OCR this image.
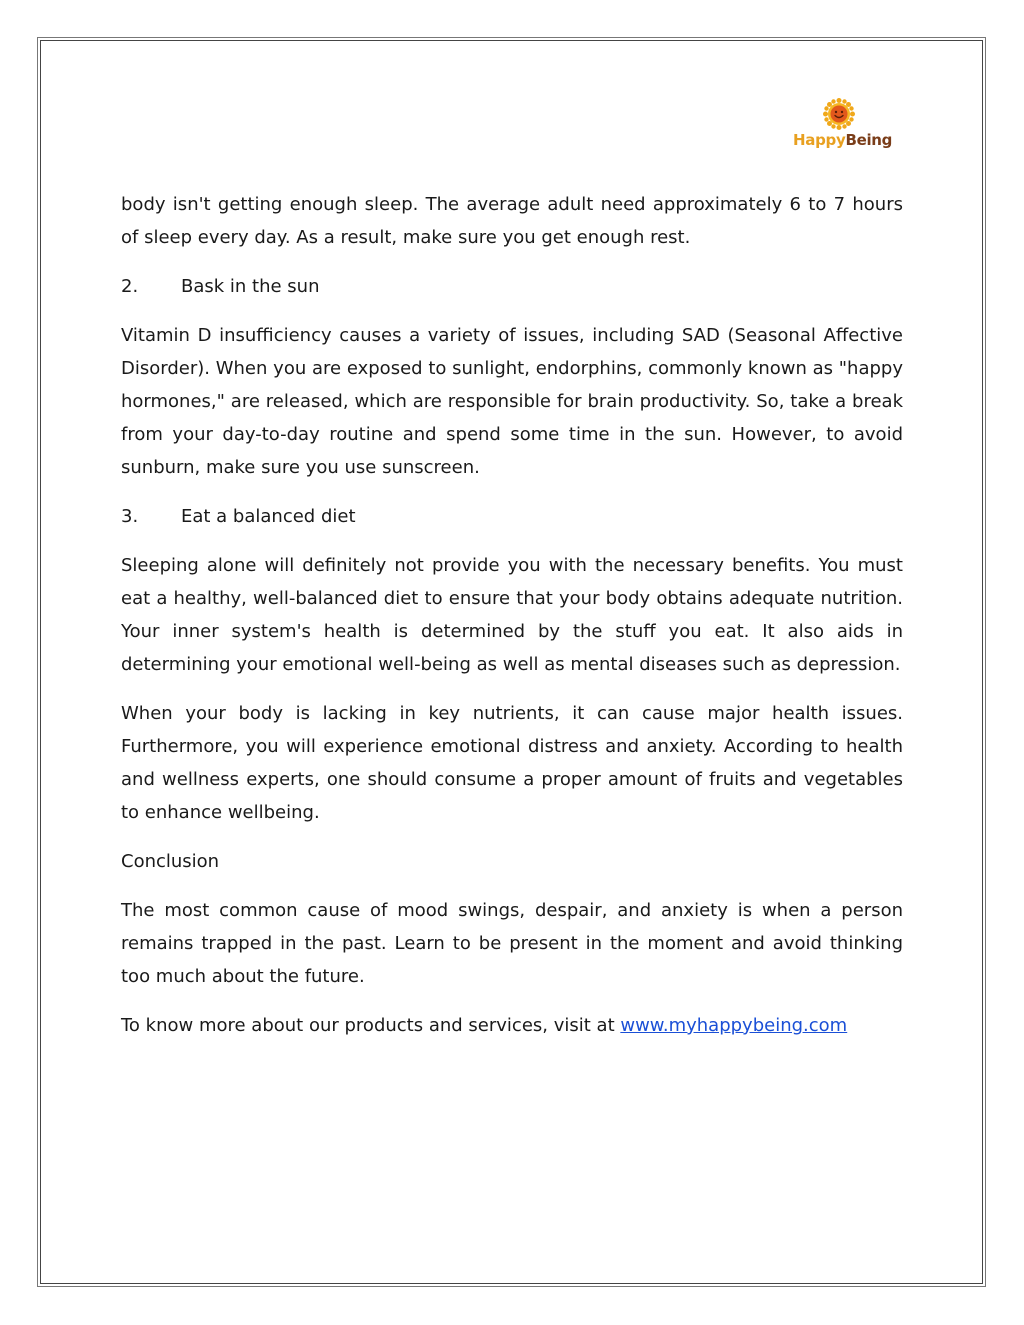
HappyBeing

body isn't getting enough sleep. The average adult need approximately 6 to 7 hours of sleep every day. As a result, make sure you get enough rest.

2.	Bask in the sun

Vitamin D insufficiency causes a variety of issues, including SAD (Seasonal Affective Disorder). When you are exposed to sunlight, endorphins, commonly known as "happy hormones," are released, which are responsible for brain productivity. So, take a break from your day-to-day routine and spend some time in the sun. However, to avoid sunburn, make sure you use sunscreen.

3.	Eat a balanced diet

Sleeping alone will definitely not provide you with the necessary benefits. You must eat a healthy, well-balanced diet to ensure that your body obtains adequate nutrition. Your inner system's health is determined by the stuff you eat. It also aids in determining your emotional well-being as well as mental diseases such as depression.

When your body is lacking in key nutrients, it can cause major health issues. Furthermore, you will experience emotional distress and anxiety. According to health and wellness experts, one should consume a proper amount of fruits and vegetables to enhance wellbeing.

Conclusion

The most common cause of mood swings, despair, and anxiety is when a person remains trapped in the past. Learn to be present in the moment and avoid thinking too much about the future.

To know more about our products and services, visit at www.myhappybeing.com
